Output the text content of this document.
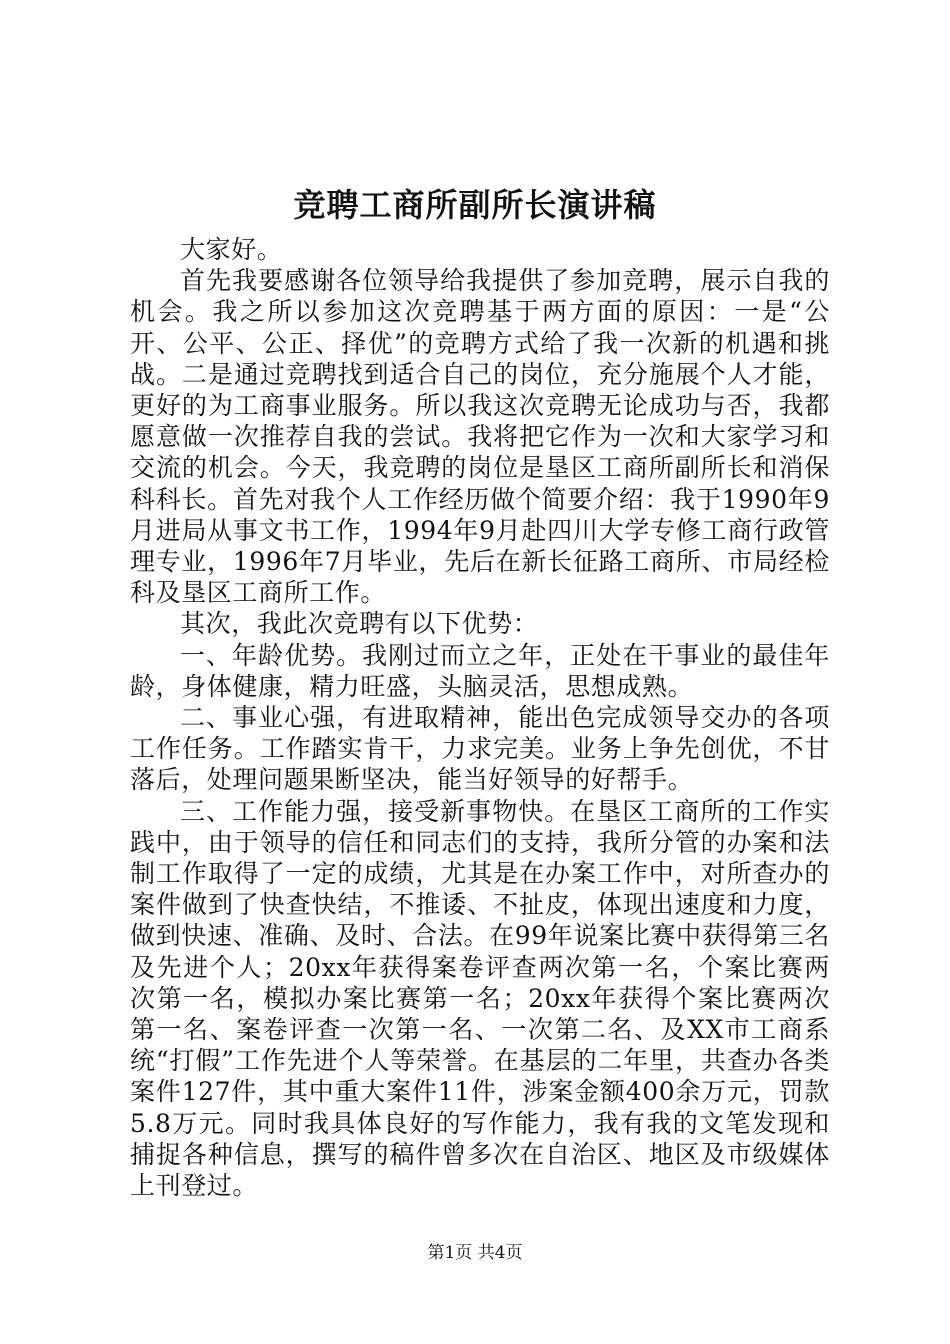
竞聘工商所副所长演讲稿

大家好。

首先我要感谢各位领导给我提供了参加竞聘，展示自我的机会。我之所以参加这次竞聘基于两方面的原因：一是“公开、公平、公正、择优”的竞聘方式给了我一次新的机遇和挑战。二是通过竞聘找到适合自己的岗位，充分施展个人才能，更好的为工商事业服务。所以我这次竞聘无论成功与否，我都愿意做一次推荐自我的尝试。我将把它作为一次和大家学习和交流的机会。今天，我竞聘的岗位是垦区工商所副所长和消保科科长。首先对我个人工作经历做个简要介绍：我于1990年9月进局从事文书工作，1994年9月赴四川大学专修工商行政管理专业，1996年7月毕业，先后在新长征路工商所、市局经检科及垦区工商所工作。

其次，我此次竞聘有以下优势：

一、年龄优势。我刚过而立之年，正处在干事业的最佳年龄，身体健康，精力旺盛，头脑灵活，思想成熟。

二、事业心强，有进取精神，能出色完成领导交办的各项工作任务。工作踏实肯干，力求完美。业务上争先创优，不甘落后，处理问题果断坚决，能当好领导的好帮手。

三、工作能力强，接受新事物快。在垦区工商所的工作实践中，由于领导的信任和同志们的支持，我所分管的办案和法制工作取得了一定的成绩，尤其是在办案工作中，对所查办的案件做到了快查快结，不推诿、不扯皮，体现出速度和力度，做到快速、准确、及时、合法。在99年说案比赛中获得第三名及先进个人；20xx年获得案卷评查两次第一名，个案比赛两次第一名，模拟办案比赛第一名；20xx年获得个案比赛两次第一名、案卷评查一次第一名、一次第二名、及XX市工商系统“打假”工作先进个人等荣誉。在基层的二年里，共查办各类案件127件，其中重大案件11件，涉案金额400余万元，罚款5.8万元。同时我具体良好的写作能力，我有我的文笔发现和捕捉各种信息，撰写的稿件曾多次在自治区、地区及市级媒体上刊登过。

第1页 共4页
